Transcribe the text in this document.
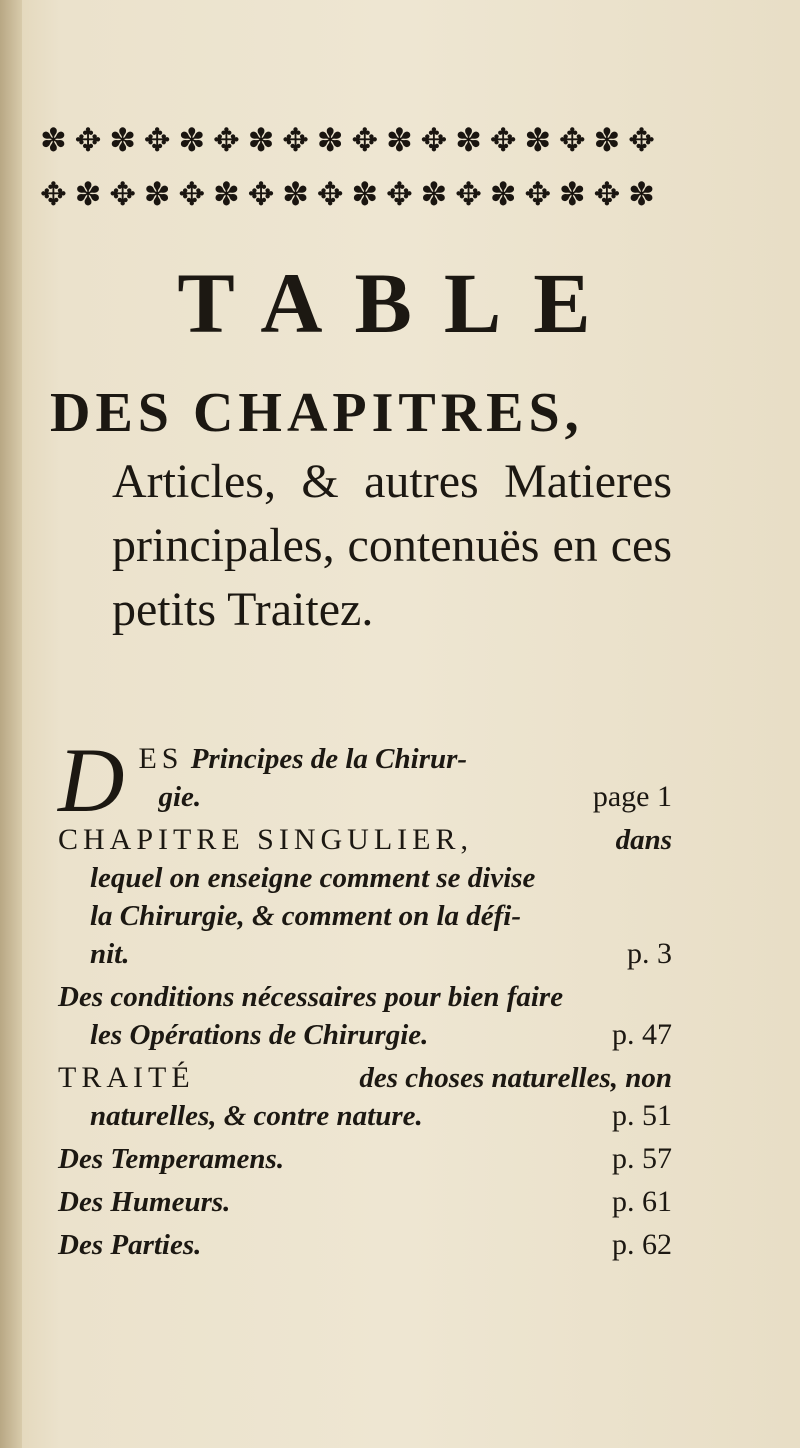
✽ ✥ ✽ ✥ ✽ ✥ ✽ ✥ ✽ ✥ ✽ ✥ ✽ ✥ ✽ ✥ ✽ ✥
✥ ✽ ✥ ✽ ✥ ✽ ✥ ✽ ✥ ✽ ✥ ✽ ✥ ✽ ✥ ✽ ✥ ✽
TABLE
DES CHAPITRES,

Articles, & autres Matieres principales, contenuës en ces petits Traitez.

D ES Principes de la Chirur-
gie.	page 1
CHAPITRE SINGULIER,	dans
lequel on enseigne comment se divise
la Chirurgie, & comment on la défi-
nit.	p. 3
Des conditions nécessaires pour bien faire
les Opérations de Chirurgie.	p. 47
TRAITÉ	des choses naturelles, non
naturelles, & contre nature.	p. 51
Des Temperamens.	p. 57
Des Humeurs.	p. 61
Des Parties.	p. 62
